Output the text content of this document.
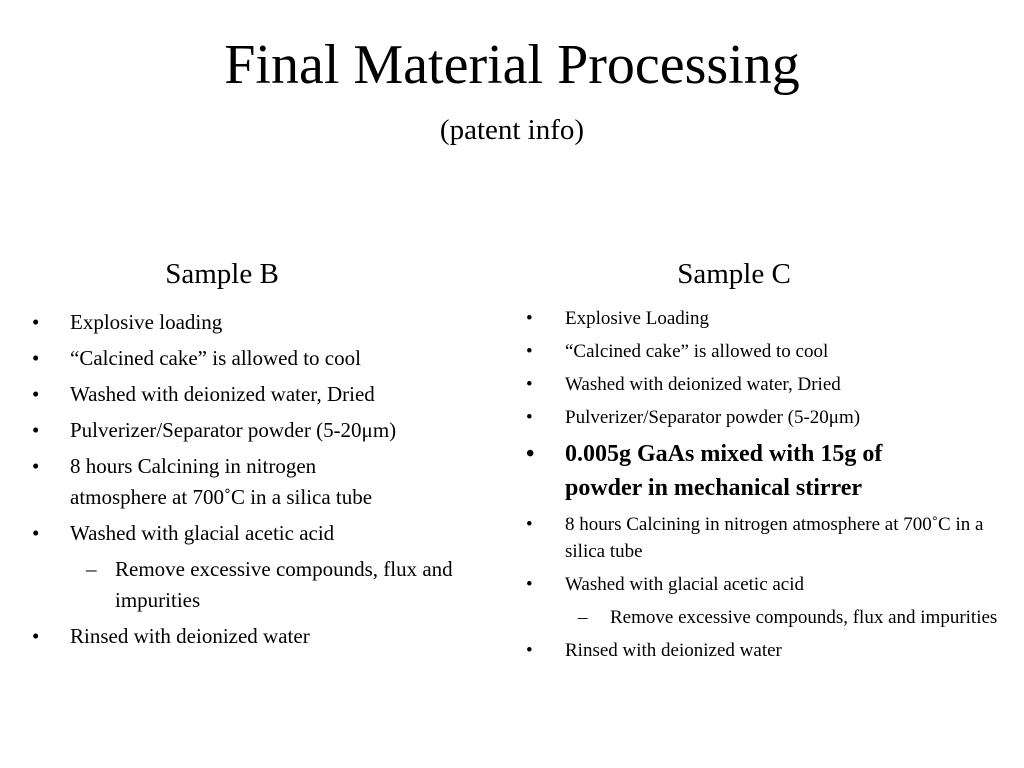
Final Material Processing
(patent info)
Sample B	Sample C
• Explosive loading
• “Calcined cake” is allowed to cool
• Washed with deionized water, Dried
• Pulverizer/Separator powder (5-20μm)
• 8 hours Calcining in nitrogen atmosphere at 700˚C in a silica tube
• Washed with glacial acetic acid
– Remove excessive compounds, flux and impurities
• Rinsed with deionized water
• Explosive Loading
• “Calcined cake” is allowed to cool
• Washed with deionized water, Dried
• Pulverizer/Separator powder (5-20μm)
• 0.005g GaAs mixed with 15g of powder in mechanical stirrer
• 8 hours Calcining in nitrogen atmosphere at 700˚C in a silica tube
• Washed with glacial acetic acid
– Remove excessive compounds, flux and impurities
• Rinsed with deionized water
